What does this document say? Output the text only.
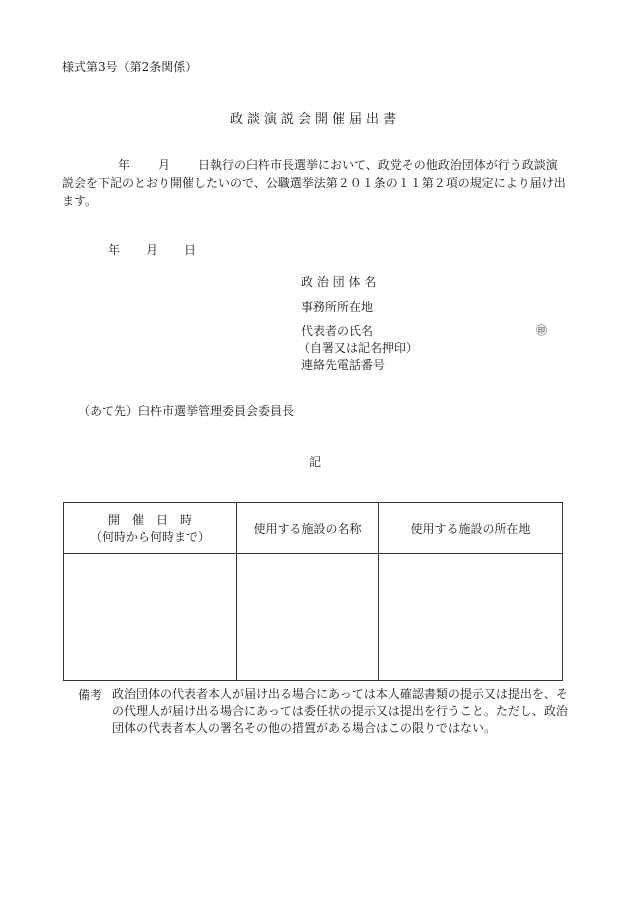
様式第3号（第2条関係）
政談演説会開催届出書
年 月 日執行の臼杵市長選挙において、政党その他政治団体が行う政談演説会を下記のとおり開催したいので、公職選挙法第２０１条の１１第２項の規定により届け出ます。
年 月 日
政 治 団 体 名
事務所所在地
代表者の氏名	㊞
（自署又は記名押印）
連絡先電話番号
（あて先）臼杵市選挙管理委員会委員長
記
開　催　日　時
（何時から何時まで）	使用する施設の名称	使用する施設の所在地

備考 政治団体の代表者本人が届け出る場合にあっては本人確認書類の提示又は提出を、その代理人が届け出る場合にあっては委任状の提示又は提出を行うこと。ただし、政治団体の代表者本人の署名その他の措置がある場合はこの限りではない。
